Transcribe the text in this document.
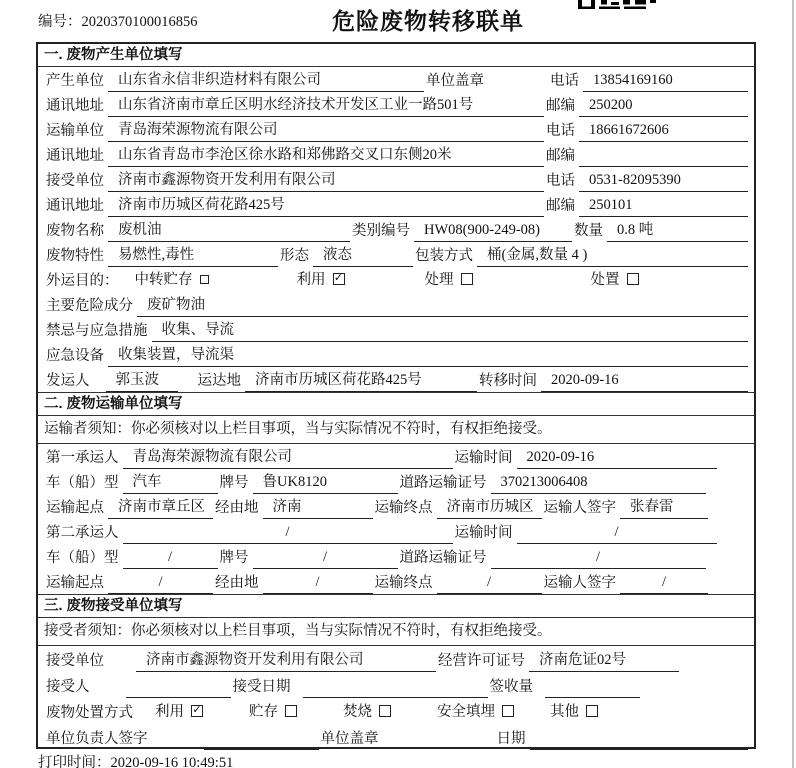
编号：2020370100016856	危险废物转移联单
一. 废物产生单位填写
产生单位 山东省永信非织造材料有限公司	单位盖章	电话 13854169160
通讯地址 山东省济南市章丘区明水经济技术开发区工业一路501号	邮编 250200
运输单位 青岛海荣源物流有限公司	电话 18661672606
通讯地址 山东省青岛市李沧区徐水路和郑佛路交叉口东侧20米	邮编
接受单位 济南市鑫源物资开发利用有限公司	电话 0531-82095390
通讯地址 济南市历城区荷花路425号	邮编 250101
废物名称 废机油	类别编号 HW08(900-249-08)	数量 0.8 吨
废物特性 易燃性,毒性	形态 液态	包装方式 桶(金属,数量 4 )
外运目的： 中转贮存	利用 ✓	处理	处置
主要危险成分 废矿物油
禁忌与应急措施 收集、导流
应急设备 收集装置，导流渠
发运人	郭玉波	运达地 济南市历城区荷花路425号	转移时间 2020-09-16
二. 废物运输单位填写
运输者须知：你必须核对以上栏目事项，当与实际情况不符时，有权拒绝接受。
第一承运人 青岛海荣源物流有限公司	运输时间 2020-09-16
车（船）型 汽车	牌号 鲁UK8120	道路运输证号 370213006408
运输起点 济南市章丘区 经由地 济南	运输终点 济南市历城区 运输人签字 张春雷
第二承运人	/	运输时间	/
车（船）型	/	牌号	/	道路运输证号	/
运输起点	/	经由地	/	运输终点	/	运输人签字	/
三. 废物接受单位填写
接受者须知：你必须核对以上栏目事项，当与实际情况不符时，有权拒绝接受。
接受单位	济南市鑫源物资开发利用有限公司	经营许可证号 济南危证02号
接受人	接受日期	签收量
废物处置方式 利用 ✓	贮存	焚烧	安全填埋	其他
单位负责人签字	单位盖章	日期
打印时间：2020-09-16 10:49:51
